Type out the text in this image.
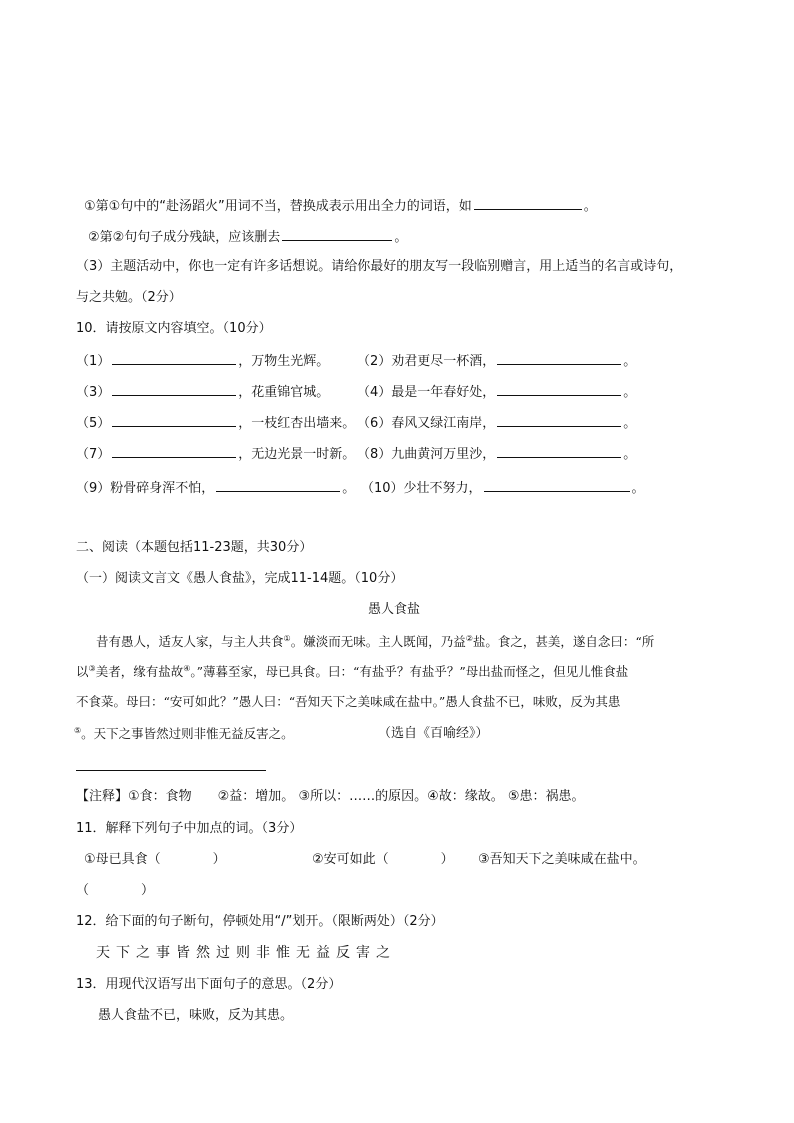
①第①句中的“赴汤蹈火”用词不当，替换成表示用出全力的词语，如	。
②第②句句子成分残缺，应该删去	。
（3）主题活动中，你也一定有许多话想说。请给你最好的朋友写一段临别赠言，用上适当的名言或诗句，
与之共勉。（2分）
10．请按原文内容填空。（10分）
（1）	，万物生光辉。 （2）劝君更尽一杯酒，	。
（3）	，花重锦官城。 （4）最是一年春好处，	。
（5）	，一枝红杏出墙来。 （6）春风又绿江南岸，	。
（7）	，无边光景一时新。 （8）九曲黄河万里沙，	。
（9）粉骨碎身浑不怕，	。 （10）少壮不努力，	。
二、阅读（本题包括11-23题，共30分）
（一）阅读文言文《愚人食盐》，完成11-14题。（10分）
愚人食盐
昔有愚人，适友人家，与主人共食①。嫌淡而无味。主人既闻，乃益②盐。食之，甚美，遂自念曰：“所
以③美者，缘有盐故④。”薄暮至家，母已具食。曰：“有盐乎？有盐乎？”母出盐而怪之，但见儿惟食盐
不食菜。母曰：“安可如此？”愚人曰：“吾知天下之美味咸在盐中。”愚人食盐不已，味败，反为其患
⑤。天下之事皆然过则非惟无益反害之。	（选自《百喻经》）
【注释】①食：食物　　②益：增加。 ③所以：……的原因。④故：缘故。 ⑤患：祸患。
11．解释下列句子中加点的词。（3分）
①母已具食（　　　　）	②安可如此（　　　　） ③吾知天下之美味咸在盐中。
（　　　　）
12．给下面的句子断句，停顿处用“/”划开。（限断两处）（2分）
天下之事皆然过则非惟无益反害之
13．用现代汉语写出下面句子的意思。（2分）
愚人食盐不已，味败，反为其患。
